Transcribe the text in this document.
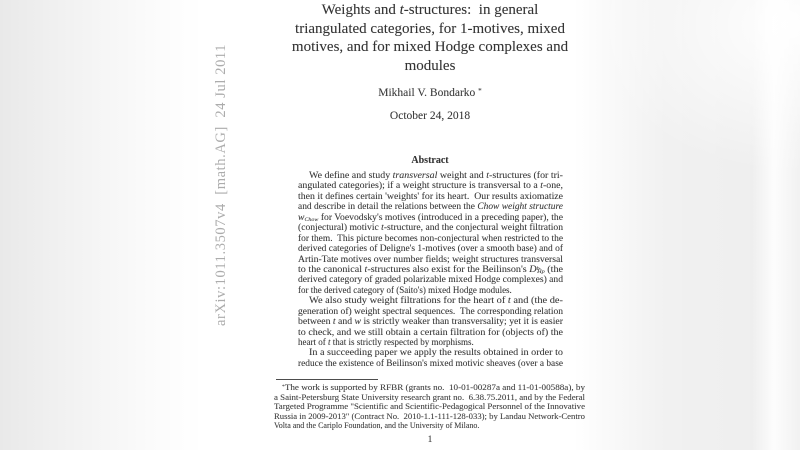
arXiv:1011.3507v4  [math.AG]  24 Jul 2011
Weights and t-structures:  in general
triangulated categories, for 1-motives, mixed
motives, and for mixed Hodge complexes and
modules
Mikhail V. Bondarko *
October 24, 2018
Abstract
We define and study transversal weight and t-structures (for tri-
angulated categories); if a weight structure is transversal to a t-one,
then it defines certain 'weights' for its heart.  Our results axiomatize
and describe in detail the relations between the Chow weight structure
wChow for Voevodsky's motives (introduced in a preceding paper), the
(conjectural) motivic t-structure, and the conjectural weight filtration
for them.  This picture becomes non-conjectural when restricted to the
derived categories of Deligne's 1-motives (over a smooth base) and of
Artin-Tate motives over number fields; weight structures transversal
to the canonical t-structures also exist for the Beilinson's $D^bĤp$ (the
derived category of graded polarizable mixed Hodge complexes) and
for the derived category of (Saito's) mixed Hodge modules.
We also study weight filtrations for the heart of t and (the de-
generation of) weight spectral sequences.  The corresponding relation
between t and w is strictly weaker than transversality; yet it is easier
to check, and we still obtain a certain filtration for (objects of) the
heart of t that is strictly respected by morphisms.
In a succeeding paper we apply the results obtained in order to
reduce the existence of Beilinson's mixed motivic sheaves (over a base
*The work is supported by RFBR (grants no.  10-01-00287a and 11-01-00588a), by
a Saint-Petersburg State University research grant no.  6.38.75.2011, and by the Federal
Targeted Programme "Scientific and Scientific-Pedagogical Personnel of the Innovative
Russia in 2009-2013" (Contract No.  2010-1.1-111-128-033); by Landau Network-Centro
Volta and the Cariplo Foundation, and the University of Milano.
1
